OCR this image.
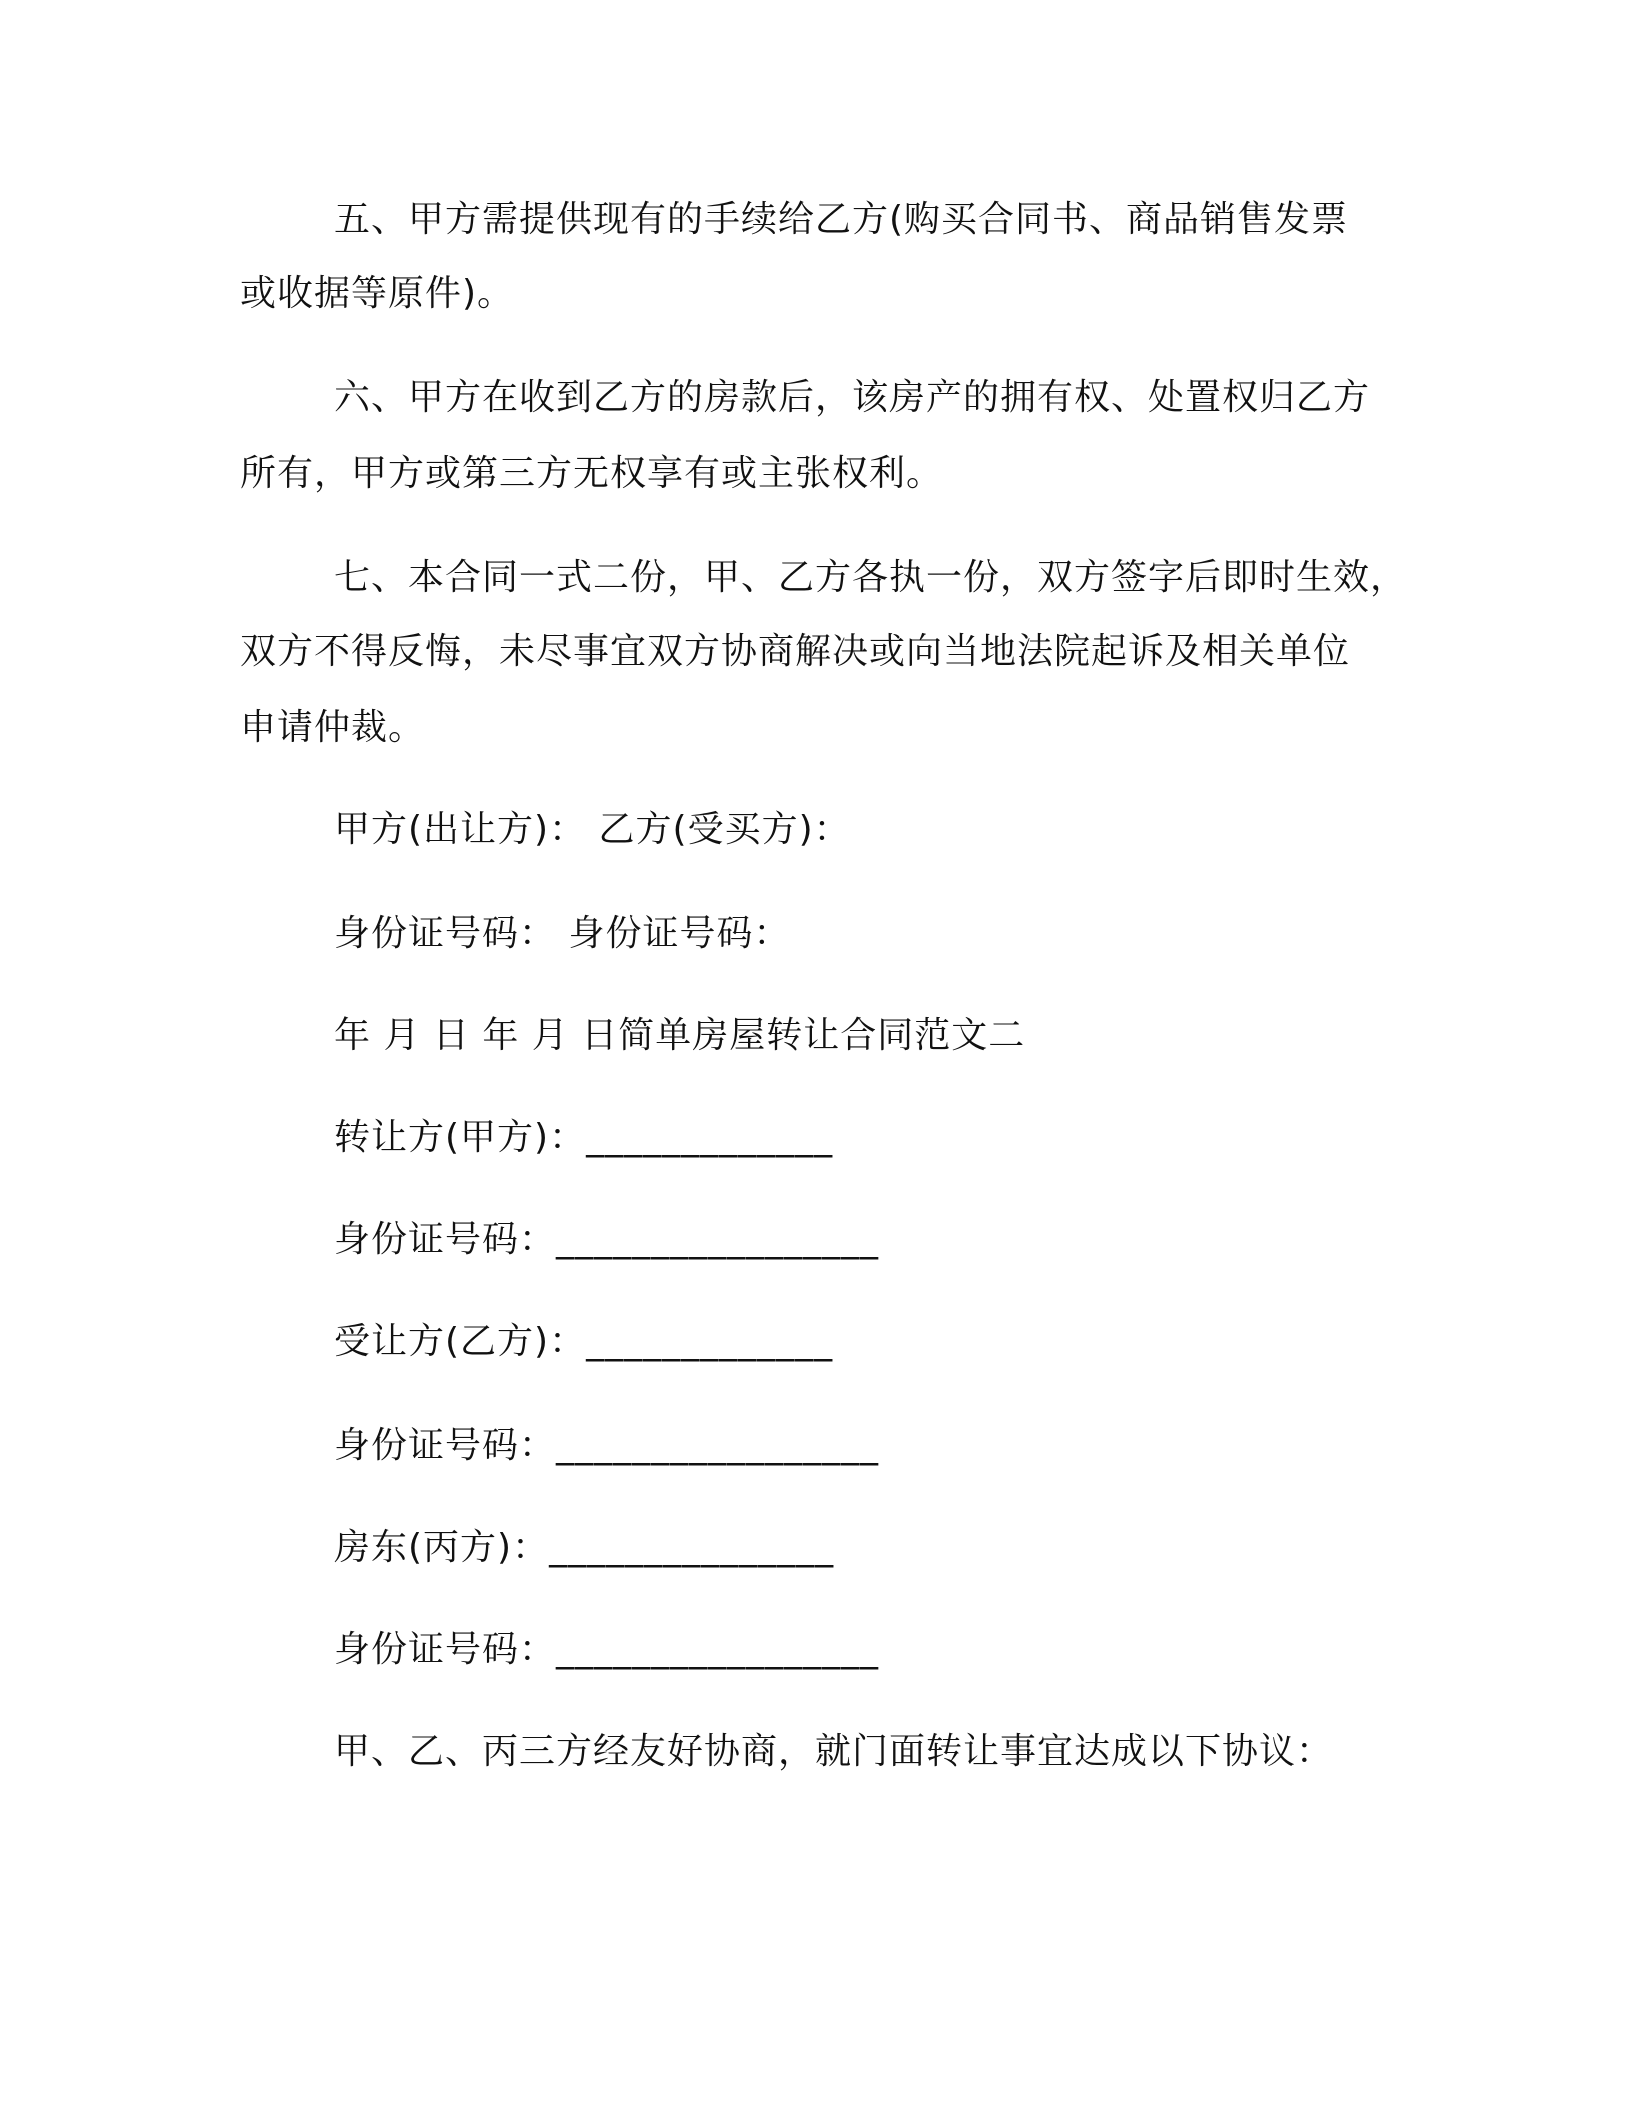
五、甲方需提供现有的手续给乙方(购买合同书、商品销售发票
或收据等原件)。
六、甲方在收到乙方的房款后，该房产的拥有权、处置权归乙方
所有，甲方或第三方无权享有或主张权利。
七、本合同一式二份，甲、乙方各执一份，双方签字后即时生效，
双方不得反悔，未尽事宜双方协商解决或向当地法院起诉及相关单位
申请仲裁。
甲方(出让方)： 乙方(受买方)：
身份证号码： 身份证号码：
年 月 日 年 月 日简单房屋转让合同范文二
转让方(甲方)：_____________
身份证号码：_________________
受让方(乙方)：_____________
身份证号码：_________________
房东(丙方)：_______________
身份证号码：_________________
甲、乙、丙三方经友好协商，就门面转让事宜达成以下协议：
